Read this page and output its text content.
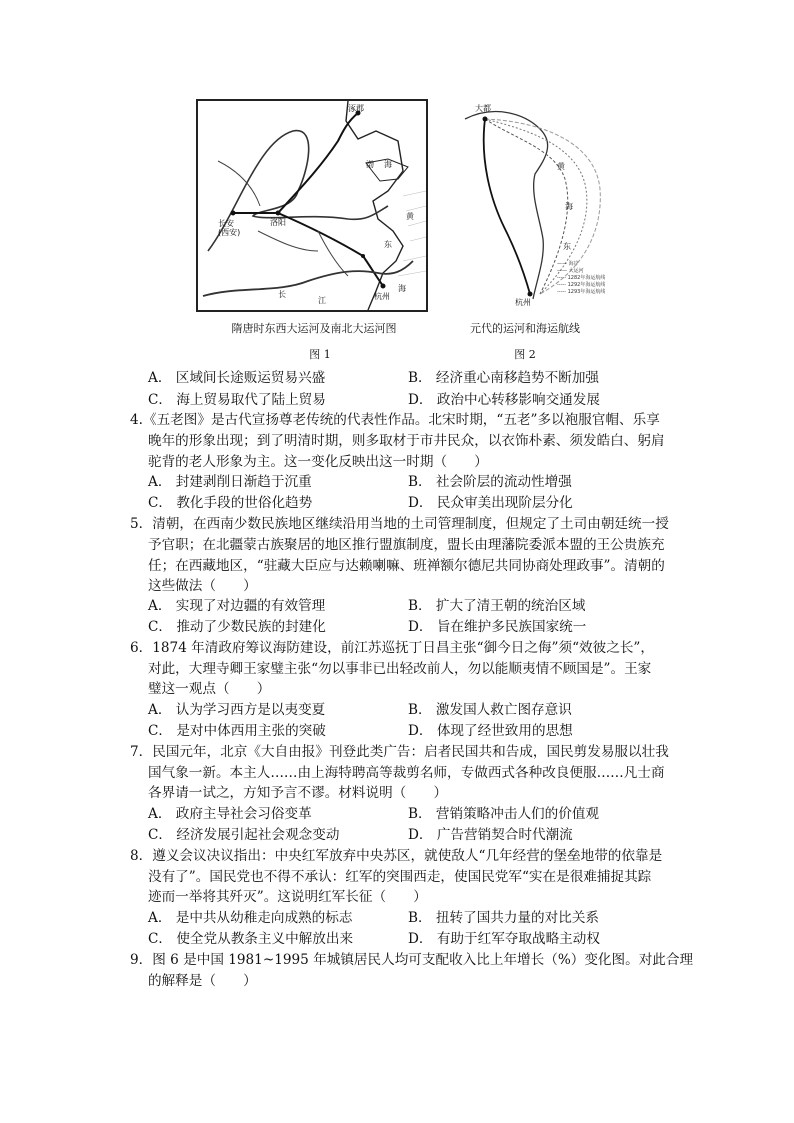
渤 海
黄
东
海
长安
(西安)
洛阳
涿郡
杭州
江
长
大都
黄
海
东
杭州
—— 海岸
—— 大运河
----- 1282年海运航线
----- 1292年海运航线
----- 1293年海运航线
隋唐时东西大运河及南北大运河图	元代的运河和海运航线
图 1	图 2
A． 区域间长途贩运贸易兴盛	B． 经济重心南移趋势不断加强
C． 海上贸易取代了陆上贸易	D． 政治中心转移影响交通发展
4.《五老图》是古代宣扬尊老传统的代表性作品。北宋时期，“五老”多以袍服官帽、乐享
晚年的形象出现；到了明清时期，则多取材于市井民众，以衣饰朴素、须发皓白、躬肩
驼背的老人形象为主。这一变化反映出这一时期（　　）
A． 封建剥削日渐趋于沉重	B． 社会阶层的流动性增强
C． 教化手段的世俗化趋势	D． 民众审美出现阶层分化
5．清朝，在西南少数民族地区继续沿用当地的土司管理制度，但规定了土司由朝廷统一授
予官职；在北疆蒙古族聚居的地区推行盟旗制度，盟长由理藩院委派本盟的王公贵族充
任；在西藏地区，“驻藏大臣应与达赖喇嘛、班禅额尔德尼共同协商处理政事”。清朝的
这些做法（　　）
A． 实现了对边疆的有效管理	B． 扩大了清王朝的统治区域
C． 推动了少数民族的封建化	D． 旨在维护多民族国家统一
6．1874 年清政府筹议海防建设，前江苏巡抚丁日昌主张“御今日之侮”须“效彼之长”，
对此，大理寺卿王家璧主张“勿以事非已出轻改前人，勿以能顺夷情不顾国是”。王家
璧这一观点（　　）
A． 认为学习西方是以夷变夏	B． 激发国人救亡图存意识
C． 是对中体西用主张的突破	D． 体现了经世致用的思想
7．民国元年，北京《大自由报》刊登此类广告：启者民国共和告成，国民剪发易服以壮我
国气象一新。本主人……由上海特聘高等裁剪名师，专做西式各种改良便服……凡士商
各界请一试之，方知予言不谬。材料说明（　　）
A． 政府主导社会习俗变革	B． 营销策略冲击人们的价值观
C． 经济发展引起社会观念变动	D． 广告营销契合时代潮流
8．遵义会议决议指出：中央红军放弃中央苏区，就使敌人“几年经营的堡垒地带的依靠是
没有了”。国民党也不得不承认：红军的突围西走，使国民党军“实在是很难捕捉其踪
迹而一举将其歼灭”。这说明红军长征（　　）
A． 是中共从幼稚走向成熟的标志	B． 扭转了国共力量的对比关系
C． 使全党从教条主义中解放出来	D． 有助于红军夺取战略主动权
9．图 6 是中国 1981~1995 年城镇居民人均可支配收入比上年增长（%）变化图。对此合理
的解释是（　　）
